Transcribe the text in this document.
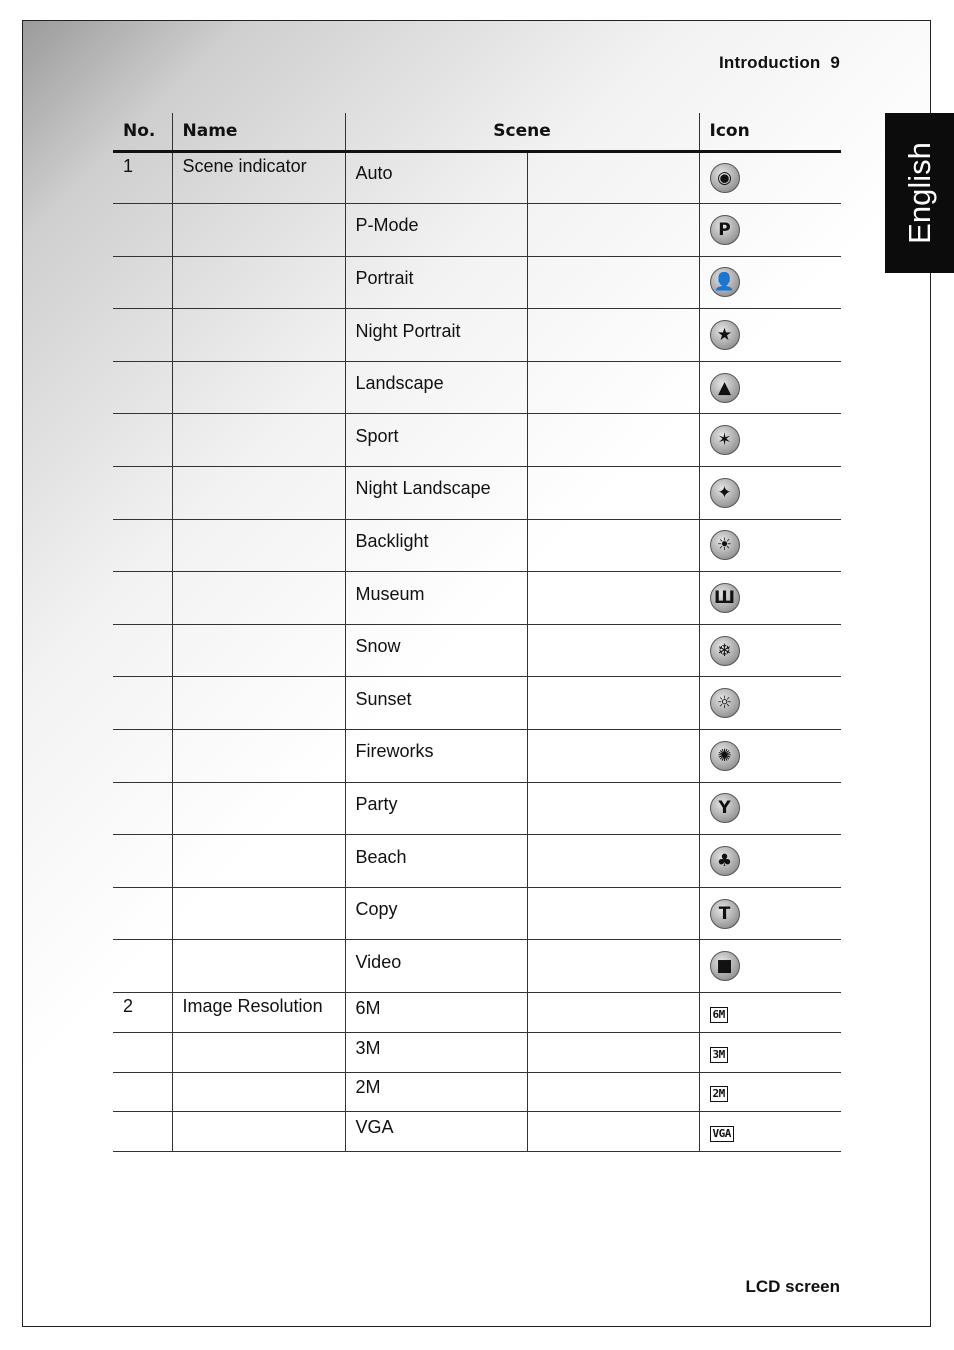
Introduction  9
English
No.	Name	Scene		Icon
1	Scene indicator	Auto		◉
		P-Mode		P
		Portrait		👤
		Night Portrait		★
		Landscape		▲
		Sport		✶
		Night Landscape		✦
		Backlight		☀
		Museum		Ш
		Snow		❄
		Sunset		☼
		Fireworks		✺
		Party		Y
		Beach		♣
		Copy		T
		Video		■
2	Image Resolution	6M		6M
		3M		3M
		2M		2M
		VGA		VGA
LCD screen
